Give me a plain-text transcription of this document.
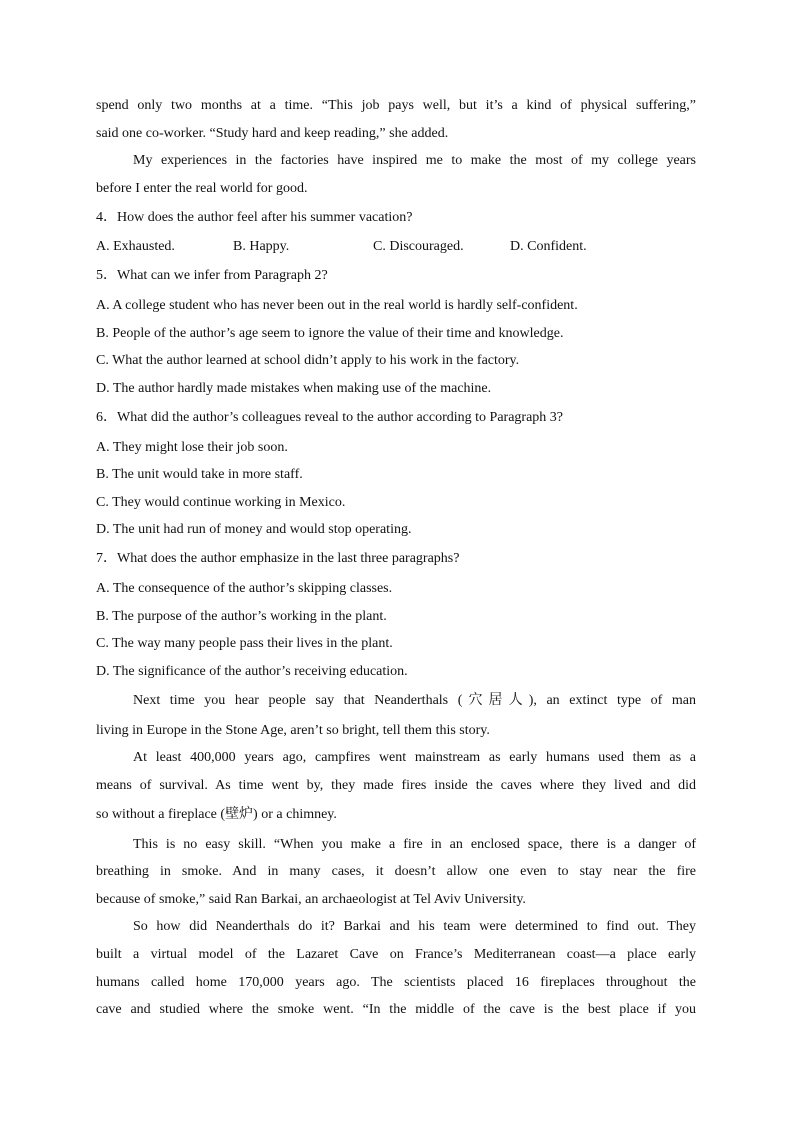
spend only two months at a time. “This job pays well, but it’s a kind of physical suffering,”
said one co-worker. “Study hard and keep reading,” she added.
My experiences in the factories have inspired me to make the most of my college years
before I enter the real world for good.
4．How does the author feel after his summer vacation?
A. Exhausted.	B. Happy.	C. Discouraged.	D. Confident.
5．What can we infer from Paragraph 2?
A. A college student who has never been out in the real world is hardly self-confident.
B. People of the author’s age seem to ignore the value of their time and knowledge.
C. What the author learned at school didn’t apply to his work in the factory.
D. The author hardly made mistakes when making use of the machine.
6．What did the author’s colleagues reveal to the author according to Paragraph 3?
A. They might lose their job soon.
B. The unit would take in more staff.
C. They would continue working in Mexico.
D. The unit had run of money and would stop operating.
7．What does the author emphasize in the last three paragraphs?
A. The consequence of the author’s skipping classes.
B. The purpose of the author’s working in the plant.
C. The way many people pass their lives in the plant.
D. The significance of the author’s receiving education.
Next time you hear people say that Neanderthals (穴居人), an extinct type of man
living in Europe in the Stone Age, aren’t so bright, tell them this story.
At least 400,000 years ago, campfires went mainstream as early humans used them as a
means of survival. As time went by, they made fires inside the caves where they lived and did
so without a fireplace (壁炉) or a chimney.
This is no easy skill. “When you make a fire in an enclosed space, there is a danger of
breathing in smoke. And in many cases, it doesn’t allow one even to stay near the fire
because of smoke,” said Ran Barkai, an archaeologist at Tel Aviv University.
So how did Neanderthals do it? Barkai and his team were determined to find out. They
built a virtual model of the Lazaret Cave on France’s Mediterranean coast—a place early
humans called home 170,000 years ago. The scientists placed 16 fireplaces throughout the
cave and studied where the smoke went. “In the middle of the cave is the best place if you
